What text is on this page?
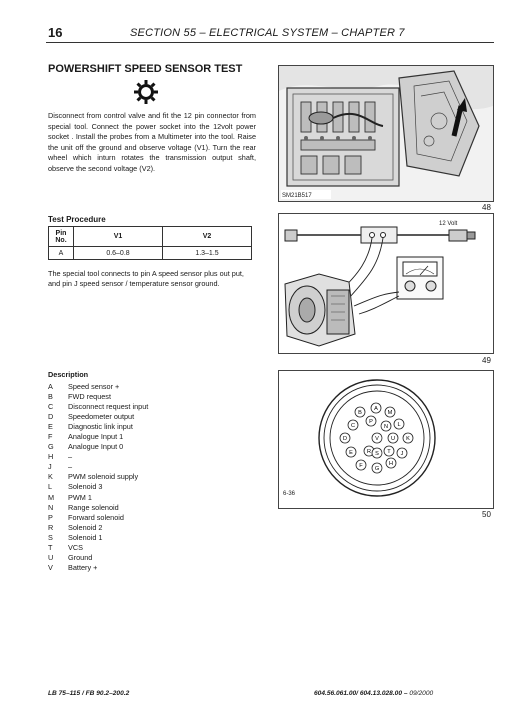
16	SECTION 55 – ELECTRICAL SYSTEM – CHAPTER 7
POWERSHIFT SPEED SENSOR TEST
Disconnect from control valve and fit the 12 pin connector from special tool. Connect the power socket into the 12volt power socket . Install the probes from a Multimeter into the tool. Raise the unit off the ground and observe voltage (V1). Turn the rear wheel which inturn rotates the transmission output shaft, observe the second voltage (V2).
Test Procedure
Pin No.	V1	V2
A	0.6–0.8	1.3–1.5
The special tool connects to pin A speed sensor plus out put, and pin J speed sensor / temperature sensor ground.
Description
A Speed sensor +
B FWD request
C Disconnect request input
D Speedometer output
E Diagnostic link input
F Analogue Input 1
G Analogue Input 0
H –
J –
K PWM solenoid supply
L Solenoid 3
M PWM 1
N Range solenoid
P Forward solenoid
R Solenoid 2
S Solenoid 1
T VCS
U Ground
V Battery +
SM21B517
48
12 Volt
49
6-36
A
B
C
D
E
F G
H
J
K
L
M
N
P
R S T
U
V
50
LB 75–115 / FB 90.2–200.2	604.56.061.00/ 604.13.028.00 – 09/2000
